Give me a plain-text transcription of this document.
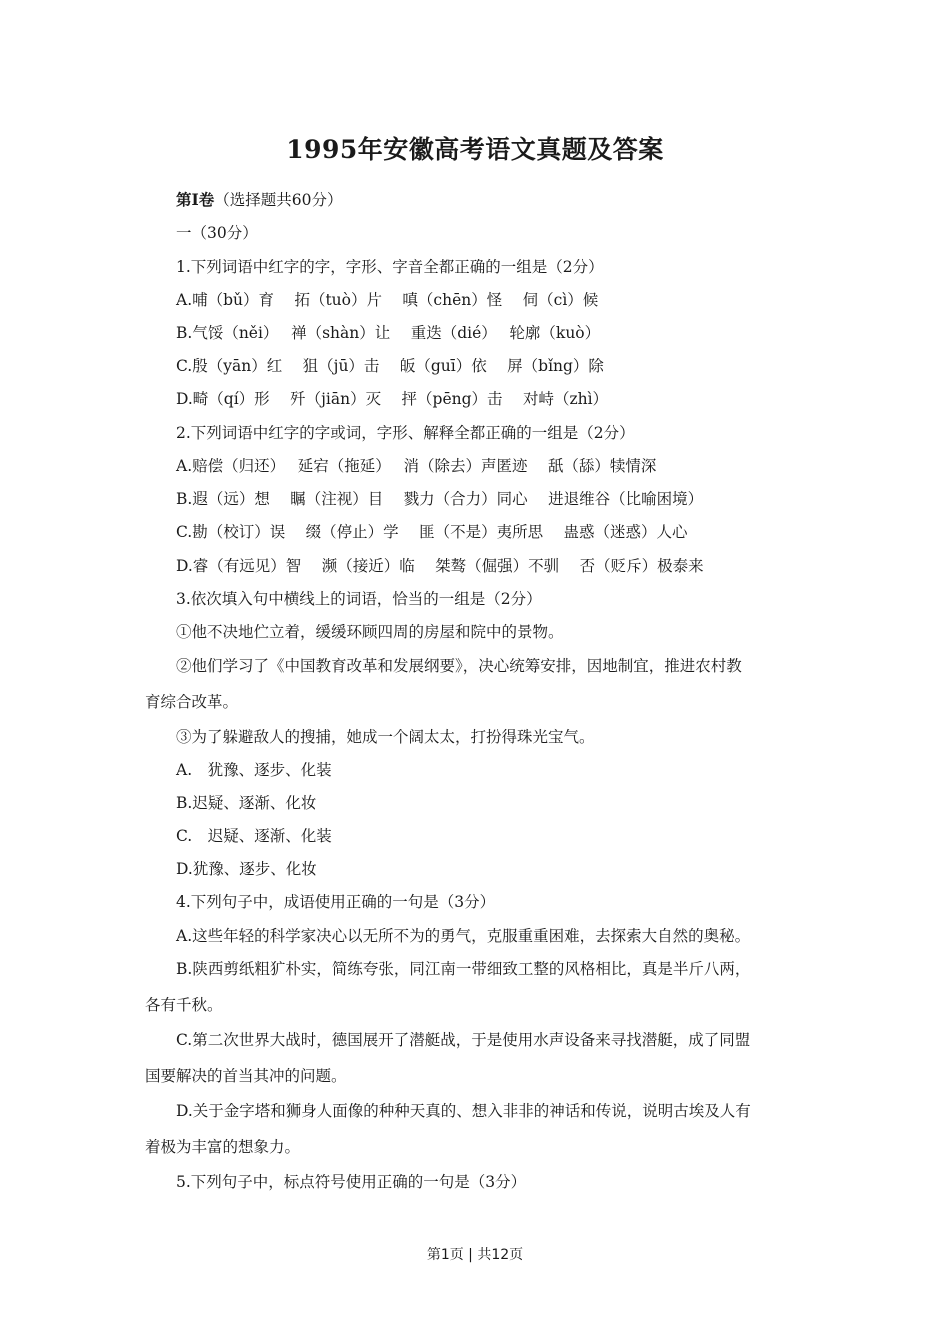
1995年安徽高考语文真题及答案
第Ⅰ卷（选择题共60分）
一（30分）
1.下列词语中红字的字，字形、字音全都正确的一组是（2分）
A.哺（bǔ）育　 拓（tuò）片　 嗔（chēn）怪　 伺（cì）候
B.气馁（něi）　 禅（shàn）让　 重迭（dié）　 轮廓（kuò）
C.殷（yān）红　 狙（jū）击　 皈（guī）依　 屏（bǐng）除
D.畸（qí）形　 歼（jiān）灭　 抨（pēng）击　 对峙（zhì）
2.下列词语中红字的字或词，字形、解释全都正确的一组是（2分）
A.赔偿（归还）　 延宕（拖延）　 消（除去）声匿迹　 舐（舔）犊情深
B.遐（远）想　 瞩（注视）目　 戮力（合力）同心　 进退维谷（比喻困境）
C.勘（校订）误　 缀（停止）学　 匪（不是）夷所思　 蛊惑（迷惑）人心
D.睿（有远见）智　 濒（接近）临　 桀骜（倔强）不驯　 否（贬斥）极泰来
3.依次填入句中横线上的词语，恰当的一组是（2分）
①他不决地伫立着，缓缓环顾四周的房屋和院中的景物。
②他们学习了《中国教育改革和发展纲要》，决心统筹安排，因地制宜，推进农村教
育综合改革。
③为了躲避敌人的搜捕，她成一个阔太太，打扮得珠光宝气。
A.　犹豫、逐步、化装
B.迟疑、逐渐、化妆
C.　迟疑、逐渐、化装
D.犹豫、逐步、化妆
4.下列句子中，成语使用正确的一句是（3分）
A.这些年轻的科学家决心以无所不为的勇气，克服重重困难，去探索大自然的奥秘。
B.陕西剪纸粗犷朴实，简练夸张，同江南一带细致工整的风格相比，真是半斤八两，
各有千秋。
C.第二次世界大战时，德国展开了潜艇战，于是使用水声设备来寻找潜艇，成了同盟
国要解决的首当其冲的问题。
D.关于金字塔和狮身人面像的种种天真的、想入非非的神话和传说，说明古埃及人有
着极为丰富的想象力。
5.下列句子中，标点符号使用正确的一句是（3分）
第1页 | 共12页
